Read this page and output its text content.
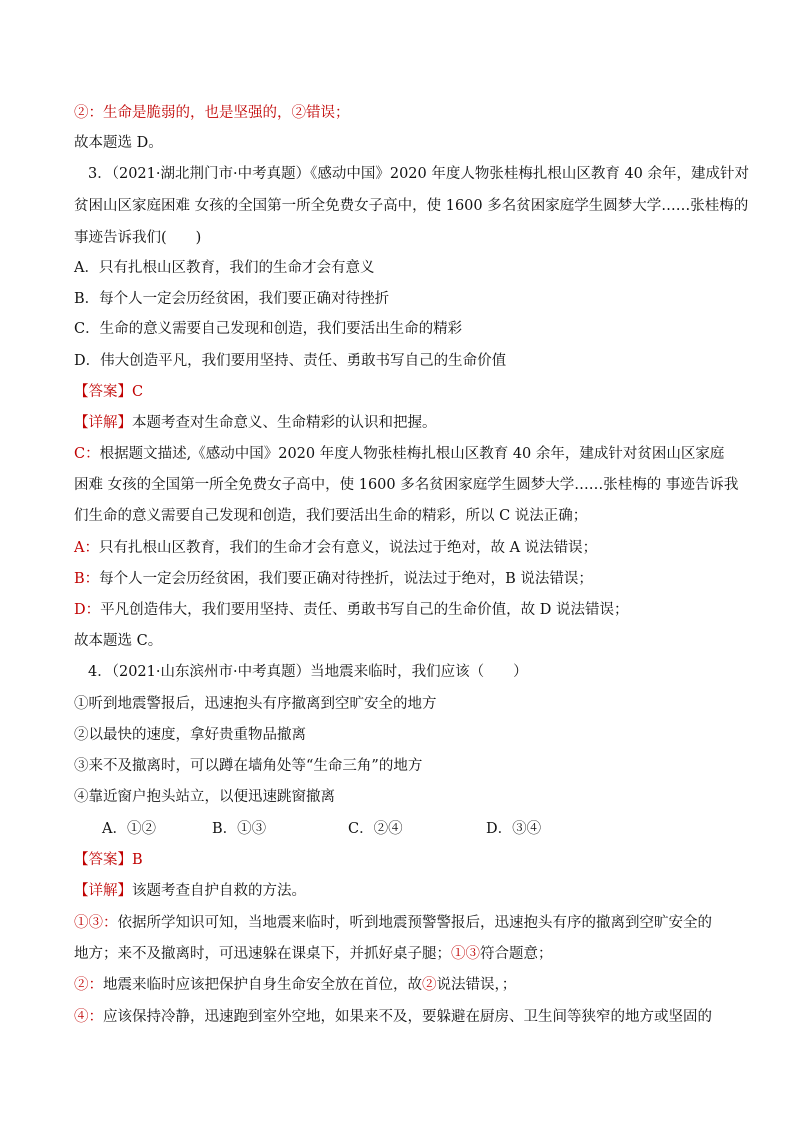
②：生命是脆弱的，也是坚强的，②错误；
故本题选 D。
3．（2021·湖北荆门市·中考真题）《感动中国》2020 年度人物张桂梅扎根山区教育 40 余年，建成针对
贫困山区家庭困难 女孩的全国第一所全免费女子高中，使 1600 多名贫困家庭学生圆梦大学……张桂梅的
事迹告诉我们(　　)
A．只有扎根山区教育，我们的生命才会有意义
B．每个人一定会历经贫困，我们要正确对待挫折
C．生命的意义需要自己发现和创造，我们要活出生命的精彩
D．伟大创造平凡，我们要用坚持、责任、勇敢书写自己的生命价值
【答案】C
【详解】本题考查对生命意义、生命精彩的认识和把握。
C：根据题文描述,《感动中国》2020 年度人物张桂梅扎根山区教育 40 余年，建成针对贫困山区家庭
困难 女孩的全国第一所全免费女子高中，使 1600 多名贫困家庭学生圆梦大学……张桂梅的 事迹告诉我
们生命的意义需要自己发现和创造，我们要活出生命的精彩，所以 C 说法正确；
A：只有扎根山区教育，我们的生命才会有意义，说法过于绝对，故 A 说法错误；
B：每个人一定会历经贫困，我们要正确对待挫折，说法过于绝对，B 说法错误；
D：平凡创造伟大，我们要用坚持、责任、勇敢书写自己的生命价值，故 D 说法错误；
故本题选 C。
4．（2021·山东滨州市·中考真题）当地震来临时，我们应该（　　）
①听到地震警报后，迅速抱头有序撤离到空旷安全的地方
②以最快的速度，拿好贵重物品撤离
③来不及撤离时，可以蹲在墙角处等“生命三角”的地方
④靠近窗户抱头站立，以便迅速跳窗撤离
A．①②	B．①③	C．②④	D．③④
【答案】B
【详解】该题考查自护自救的方法。
①③：依据所学知识可知，当地震来临时，听到地震预警警报后，迅速抱头有序的撤离到空旷安全的
地方；来不及撤离时，可迅速躲在课桌下，并抓好桌子腿；①③符合题意；
②：地震来临时应该把保护自身生命安全放在首位，故②说法错误，；
④：应该保持冷静，迅速跑到室外空地，如果来不及，要躲避在厨房、卫生间等狭窄的地方或坚固的
